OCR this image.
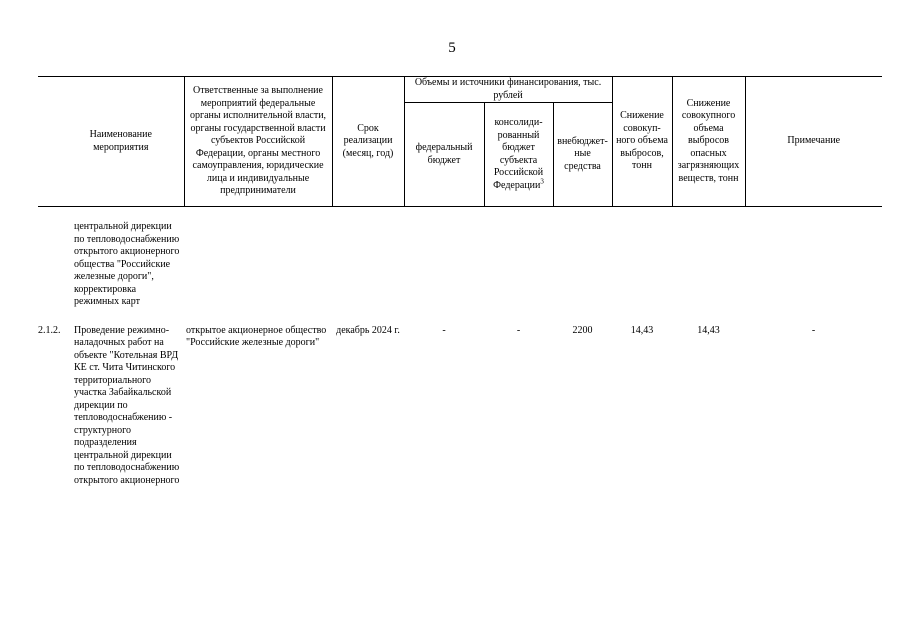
5
Наименование мероприятия		Ответственные за выполнение мероприятий федеральные органы исполнительной власти, органы государственной власти субъектов Российской Федерации, органы местного самоуправления, юридические лица и индивидуальные предприниматели	Срок реализации (месяц, год)	Объемы и источники финансирования, тыс. рублей			Снижение совокуп-ного объема выбросов, тонн	Снижение совокупного объема выбросов опасных загрязняющих веществ, тонн	Примечание
				федеральный бюджет	консолиди-рованный бюджет субъекта Российской Федерации$^3$	внебюджет-ные средства			
	центральной дирекции по тепловодоснабжению открытого акционерного общества "Российские железные дороги", корректировка режимных карт								
2.1.2.	Проведение режимно-наладочных работ на объекте "Котельная ВРД КЕ ст. Чита Читинского территориального участка Забайкальской дирекции по тепловодоснабжению - структурного подразделения центральной дирекции по тепловодоснабжению открытого акционерного	открытое акционерное общество "Российские железные дороги"	декабрь 2024 г.	-	-	2200	14,43	14,43	-
